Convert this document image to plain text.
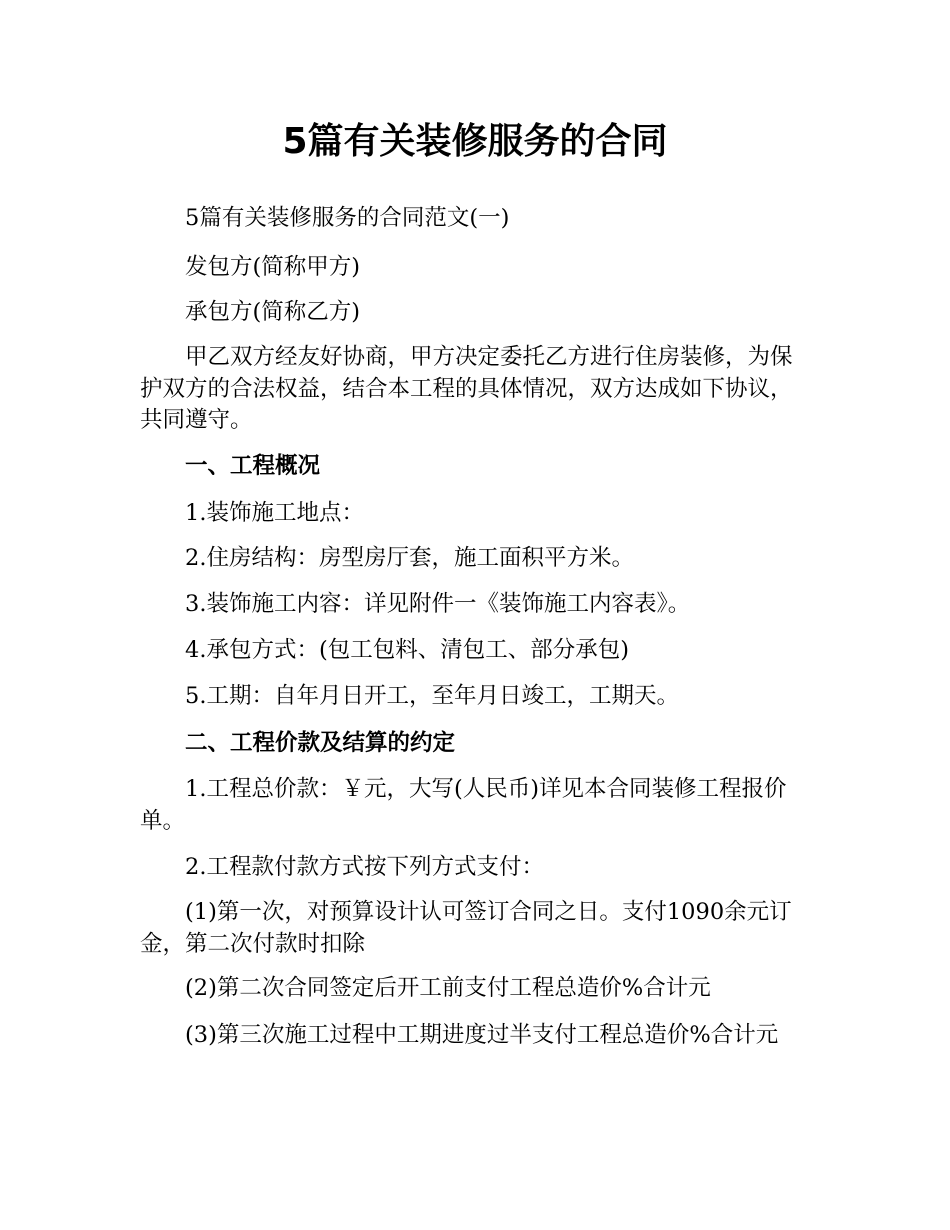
5篇有关装修服务的合同

5篇有关装修服务的合同范文(一)

发包方(简称甲方)

承包方(简称乙方)

甲乙双方经友好协商，甲方决定委托乙方进行住房装修，为保护双方的合法权益，结合本工程的具体情况，双方达成如下协议，共同遵守。

一、工程概况

1.装饰施工地点：

2.住房结构：房型房厅套，施工面积平方米。

3.装饰施工内容：详见附件一《装饰施工内容表》。

4.承包方式：(包工包料、清包工、部分承包)

5.工期：自年月日开工，至年月日竣工，工期天。

二、工程价款及结算的约定

1.工程总价款：￥元，大写(人民币)详见本合同装修工程报价单。

2.工程款付款方式按下列方式支付：

(1)第一次，对预算设计认可签订合同之日。支付1090余元订金，第二次付款时扣除

(2)第二次合同签定后开工前支付工程总造价%合计元

(3)第三次施工过程中工期进度过半支付工程总造价%合计元
